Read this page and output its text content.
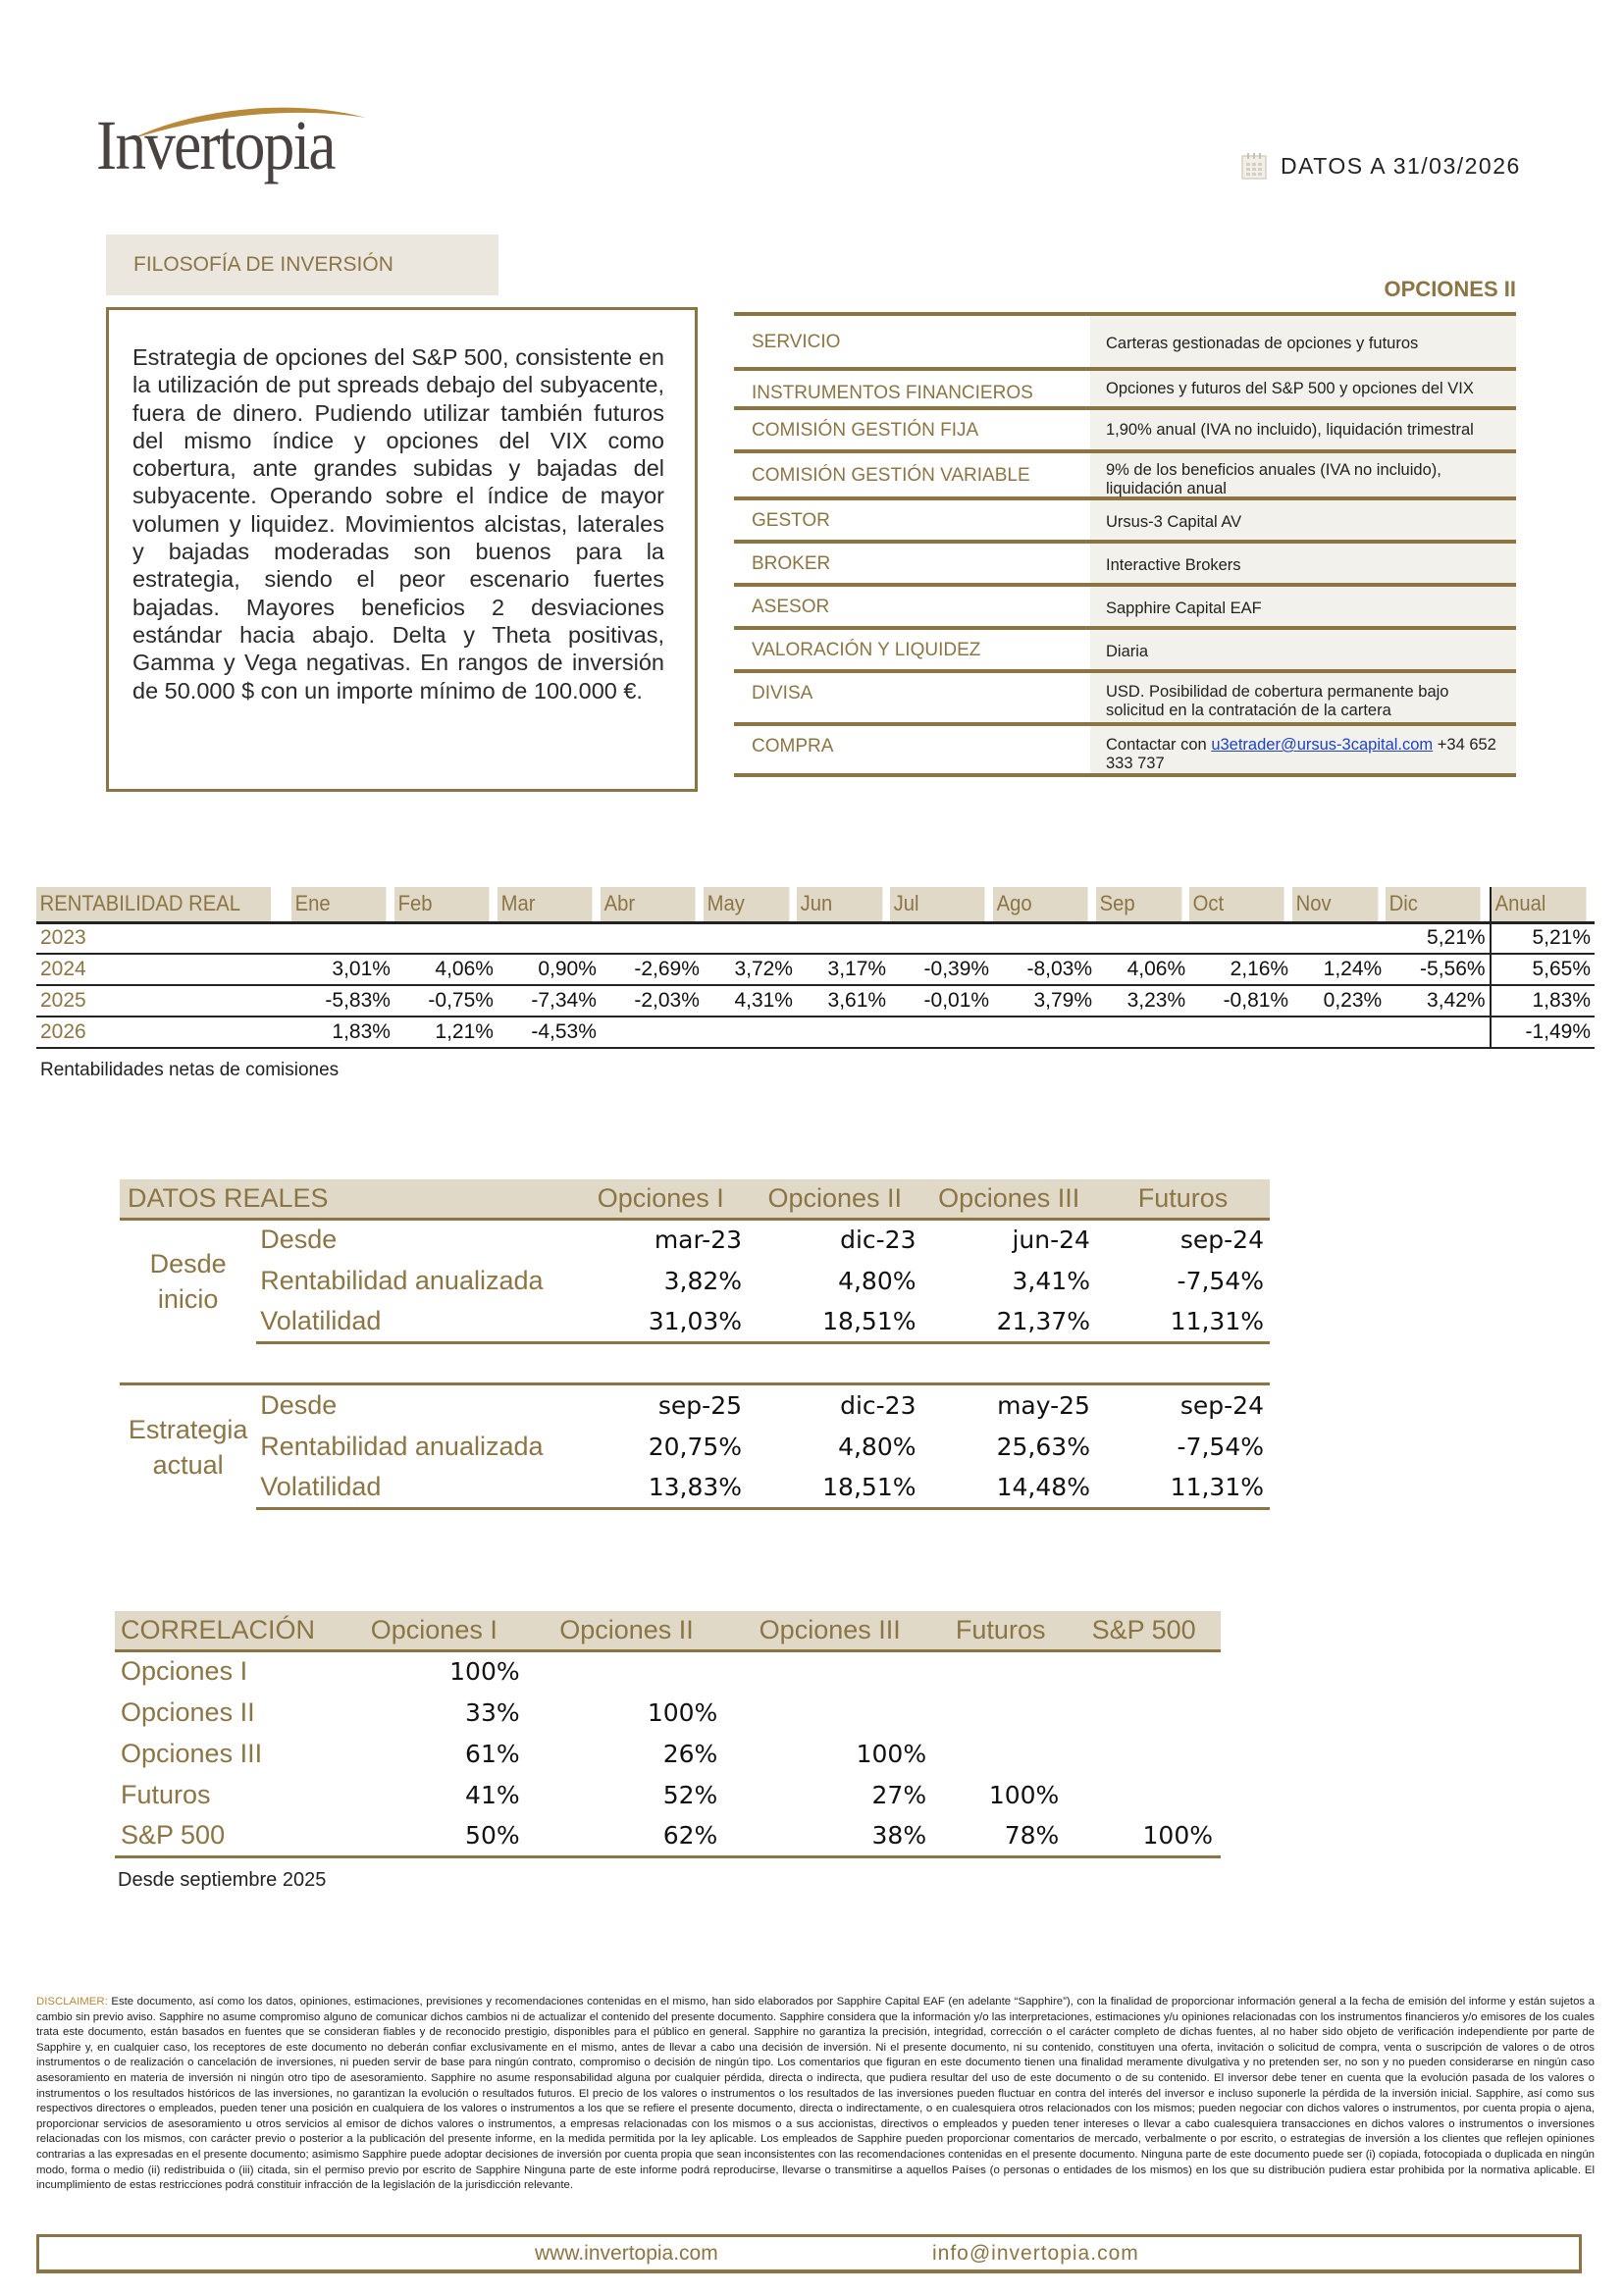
Invertopia	DATOS A 31/03/2026
FILOSOFÍA DE INVERSIÓN

Estrategia de opciones del S&P 500, consistente en la utilización de put spreads debajo del subyacente, fuera de dinero. Pudiendo utilizar también futuros del mismo índice y opciones del VIX como cobertura, ante grandes subidas y bajadas del subyacente. Operando sobre el índice de mayor volumen y liquidez. Movimientos alcistas, laterales y bajadas moderadas son buenos para la estrategia, siendo el peor escenario fuertes bajadas. Mayores beneficios 2 desviaciones estándar hacia abajo. Delta y Theta positivas, Gamma y Vega negativas. En rangos de inversión de 50.000 $ con un importe mínimo de 100.000 €.

OPCIONES II
SERVICIO	Carteras gestionadas de opciones y futuros
INSTRUMENTOS FINANCIEROS	Opciones y futuros del S&P 500 y opciones del VIX
COMISIÓN GESTIÓN FIJA	1,90% anual (IVA no incluido), liquidación trimestral
COMISIÓN GESTIÓN VARIABLE	9% de los beneficios anuales (IVA no incluido), liquidación anual
GESTOR	Ursus-3 Capital AV
BROKER	Interactive Brokers
ASESOR	Sapphire Capital EAF
VALORACIÓN Y LIQUIDEZ	Diaria
DIVISA	USD. Posibilidad de cobertura permanente bajo solicitud en la contratación de la cartera
COMPRA	Contactar con u3etrader@ursus-3capital.com +34 652 333 737
RENTABILIDAD REAL	Ene	Feb	Mar	Abr	May	Jun	Jul	Ago	Sep	Oct	Nov	Dic	Anual
2023												5,21%	5,21%
2024	3,01%	4,06%	0,90%	-2,69%	3,72%	3,17%	-0,39%	-8,03%	4,06%	2,16%	1,24%	-5,56%	5,65%
2025	-5,83%	-0,75%	-7,34%	-2,03%	4,31%	3,61%	-0,01%	3,79%	3,23%	-0,81%	0,23%	3,42%	1,83%
2026	1,83%	1,21%	-4,53%										-1,49%
Rentabilidades netas de comisiones
DATOS REALES		Opciones I	Opciones II	Opciones III	Futuros
Desde inicio	Desde	mar-23	dic-23	jun-24	sep-24
	Rentabilidad anualizada	3,82%	4,80%	3,41%	-7,54%
	Volatilidad	31,03%	18,51%	21,37%	11,31%

Estrategia actual	Desde	sep-25	dic-23	may-25	sep-24
	Rentabilidad anualizada	20,75%	4,80%	25,63%	-7,54%
	Volatilidad	13,83%	18,51%	14,48%	11,31%
CORRELACIÓN	Opciones I	Opciones II	Opciones III	Futuros	S&P 500
Opciones I	100%				
Opciones II	33%	100%			
Opciones III	61%	26%	100%		
Futuros	41%	52%	27%	100%	
S&P 500	50%	62%	38%	78%	100%
Desde septiembre 2025

DISCLAIMER: Este documento, así como los datos, opiniones, estimaciones, previsiones y recomendaciones contenidas en el mismo, han sido elaborados por Sapphire Capital EAF (en adelante “Sapphire”), con la finalidad de proporcionar información general a la fecha de emisión del informe y están sujetos a cambio sin previo aviso. Sapphire no asume compromiso alguno de comunicar dichos cambios ni de actualizar el contenido del presente documento. Sapphire considera que la información y/o las interpretaciones, estimaciones y/u opiniones relacionadas con los instrumentos financieros y/o emisores de los cuales trata este documento, están basados en fuentes que se consideran fiables y de reconocido prestigio, disponibles para el público en general. Sapphire no garantiza la precisión, integridad, corrección o el carácter completo de dichas fuentes, al no haber sido objeto de verificación independiente por parte de Sapphire y, en cualquier caso, los receptores de este documento no deberán confiar exclusivamente en el mismo, antes de llevar a cabo una decisión de inversión. Ni el presente documento, ni su contenido, constituyen una oferta, invitación o solicitud de compra, venta o suscripción de valores o de otros instrumentos o de realización o cancelación de inversiones, ni pueden servir de base para ningún contrato, compromiso o decisión de ningún tipo. Los comentarios que figuran en este documento tienen una finalidad meramente divulgativa y no pretenden ser, no son y no pueden considerarse en ningún caso asesoramiento en materia de inversión ni ningún otro tipo de asesoramiento. Sapphire no asume responsabilidad alguna por cualquier pérdida, directa o indirecta, que pudiera resultar del uso de este documento o de su contenido. El inversor debe tener en cuenta que la evolución pasada de los valores o instrumentos o los resultados históricos de las inversiones, no garantizan la evolución o resultados futuros. El precio de los valores o instrumentos o los resultados de las inversiones pueden fluctuar en contra del interés del inversor e incluso suponerle la pérdida de la inversión inicial. Sapphire, así como sus respectivos directores o empleados, pueden tener una posición en cualquiera de los valores o instrumentos a los que se refiere el presente documento, directa o indirectamente, o en cualesquiera otros relacionados con los mismos; pueden negociar con dichos valores o instrumentos, por cuenta propia o ajena, proporcionar servicios de asesoramiento u otros servicios al emisor de dichos valores o instrumentos, a empresas relacionadas con los mismos o a sus accionistas, directivos o empleados y pueden tener intereses o llevar a cabo cualesquiera transacciones en dichos valores o instrumentos o inversiones relacionadas con los mismos, con carácter previo o posterior a la publicación del presente informe, en la medida permitida por la ley aplicable. Los empleados de Sapphire pueden proporcionar comentarios de mercado, verbalmente o por escrito, o estrategias de inversión a los clientes que reflejen opiniones contrarias a las expresadas en el presente documento; asimismo Sapphire puede adoptar decisiones de inversión por cuenta propia que sean inconsistentes con las recomendaciones contenidas en el presente documento. Ninguna parte de este documento puede ser (i) copiada, fotocopiada o duplicada en ningún modo, forma o medio (ii) redistribuida o (iii) citada, sin el permiso previo por escrito de Sapphire Ninguna parte de este informe podrá reproducirse, llevarse o transmitirse a aquellos Países (o personas o entidades de los mismos) en los que su distribución pudiera estar prohibida por la normativa aplicable. El incumplimiento de estas restricciones podrá constituir infracción de la legislación de la jurisdicción relevante.

www.invertopia.com	info@invertopia.com
